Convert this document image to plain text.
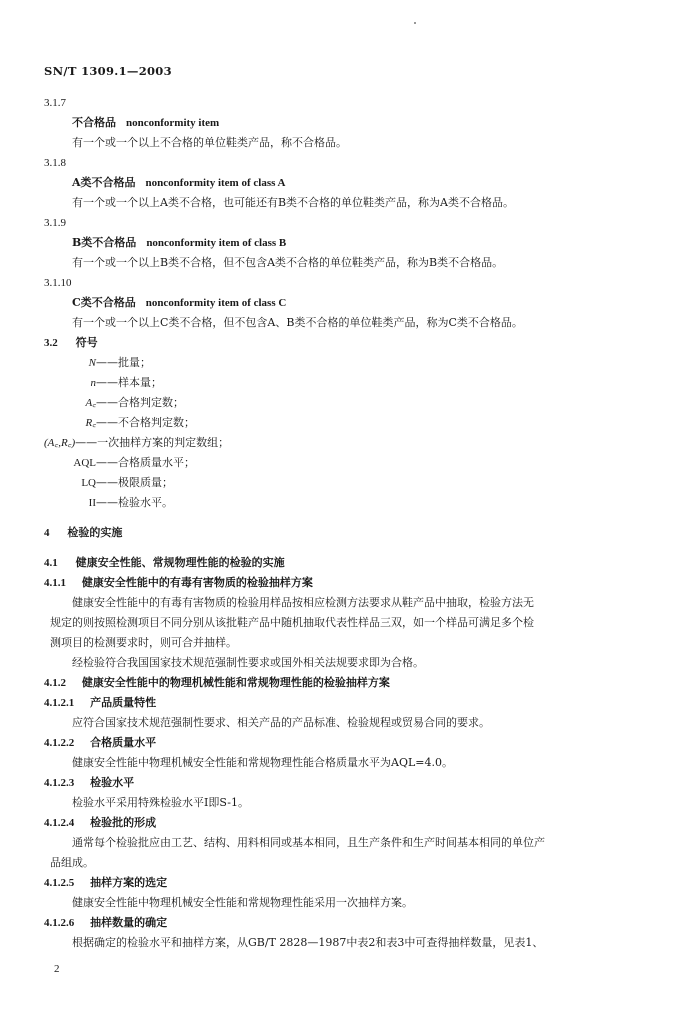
SN/T 1309.1—2003
3.1.7
不合格品 nonconformity item
有一个或一个以上不合格的单位鞋类产品，称不合格品。
3.1.8
A类不合格品 nonconformity item of class A
有一个或一个以上A类不合格，也可能还有B类不合格的单位鞋类产品，称为A类不合格品。
3.1.9
B类不合格品 nonconformity item of class B
有一个或一个以上B类不合格，但不包含A类不合格的单位鞋类产品，称为B类不合格品。
3.1.10
C类不合格品 nonconformity item of class C
有一个或一个以上C类不合格，但不包含A、B类不合格的单位鞋类产品，称为C类不合格品。
3.2 符号
N——批量；
n——样本量；
A꜀——合格判定数；
R꜀——不合格判定数；
(A꜀,R꜀)——一次抽样方案的判定数组；
AQL——合格质量水平；
LQ——极限质量；
II——检验水平。
4 检验的实施
4.1 健康安全性能、常规物理性能的检验的实施
4.1.1 健康安全性能中的有毒有害物质的检验抽样方案
健康安全性能中的有毒有害物质的检验用样品按相应检测方法要求从鞋产品中抽取，检验方法无
规定的则按照检测项目不同分别从该批鞋产品中随机抽取代表性样品三双，如一个样品可满足多个检
测项目的检测要求时，则可合并抽样。
经检验符合我国国家技术规范强制性要求或国外相关法规要求即为合格。
4.1.2 健康安全性能中的物理机械性能和常规物理性能的检验抽样方案
4.1.2.1 产品质量特性
应符合国家技术规范强制性要求、相关产品的产品标准、检验规程或贸易合同的要求。
4.1.2.2 合格质量水平
健康安全性能中物理机械安全性能和常规物理性能合格质量水平为AQL=4.0。
4.1.2.3 检验水平
检验水平采用特殊检验水平Ⅰ即S-1。
4.1.2.4 检验批的形成
通常每个检验批应由工艺、结构、用料相同或基本相同，且生产条件和生产时间基本相同的单位产
品组成。
4.1.2.5 抽样方案的选定
健康安全性能中物理机械安全性能和常规物理性能采用一次抽样方案。
4.1.2.6 抽样数量的确定
根据确定的检验水平和抽样方案，从GB/T 2828—1987中表2和表3中可查得抽样数量，见表1、
2
